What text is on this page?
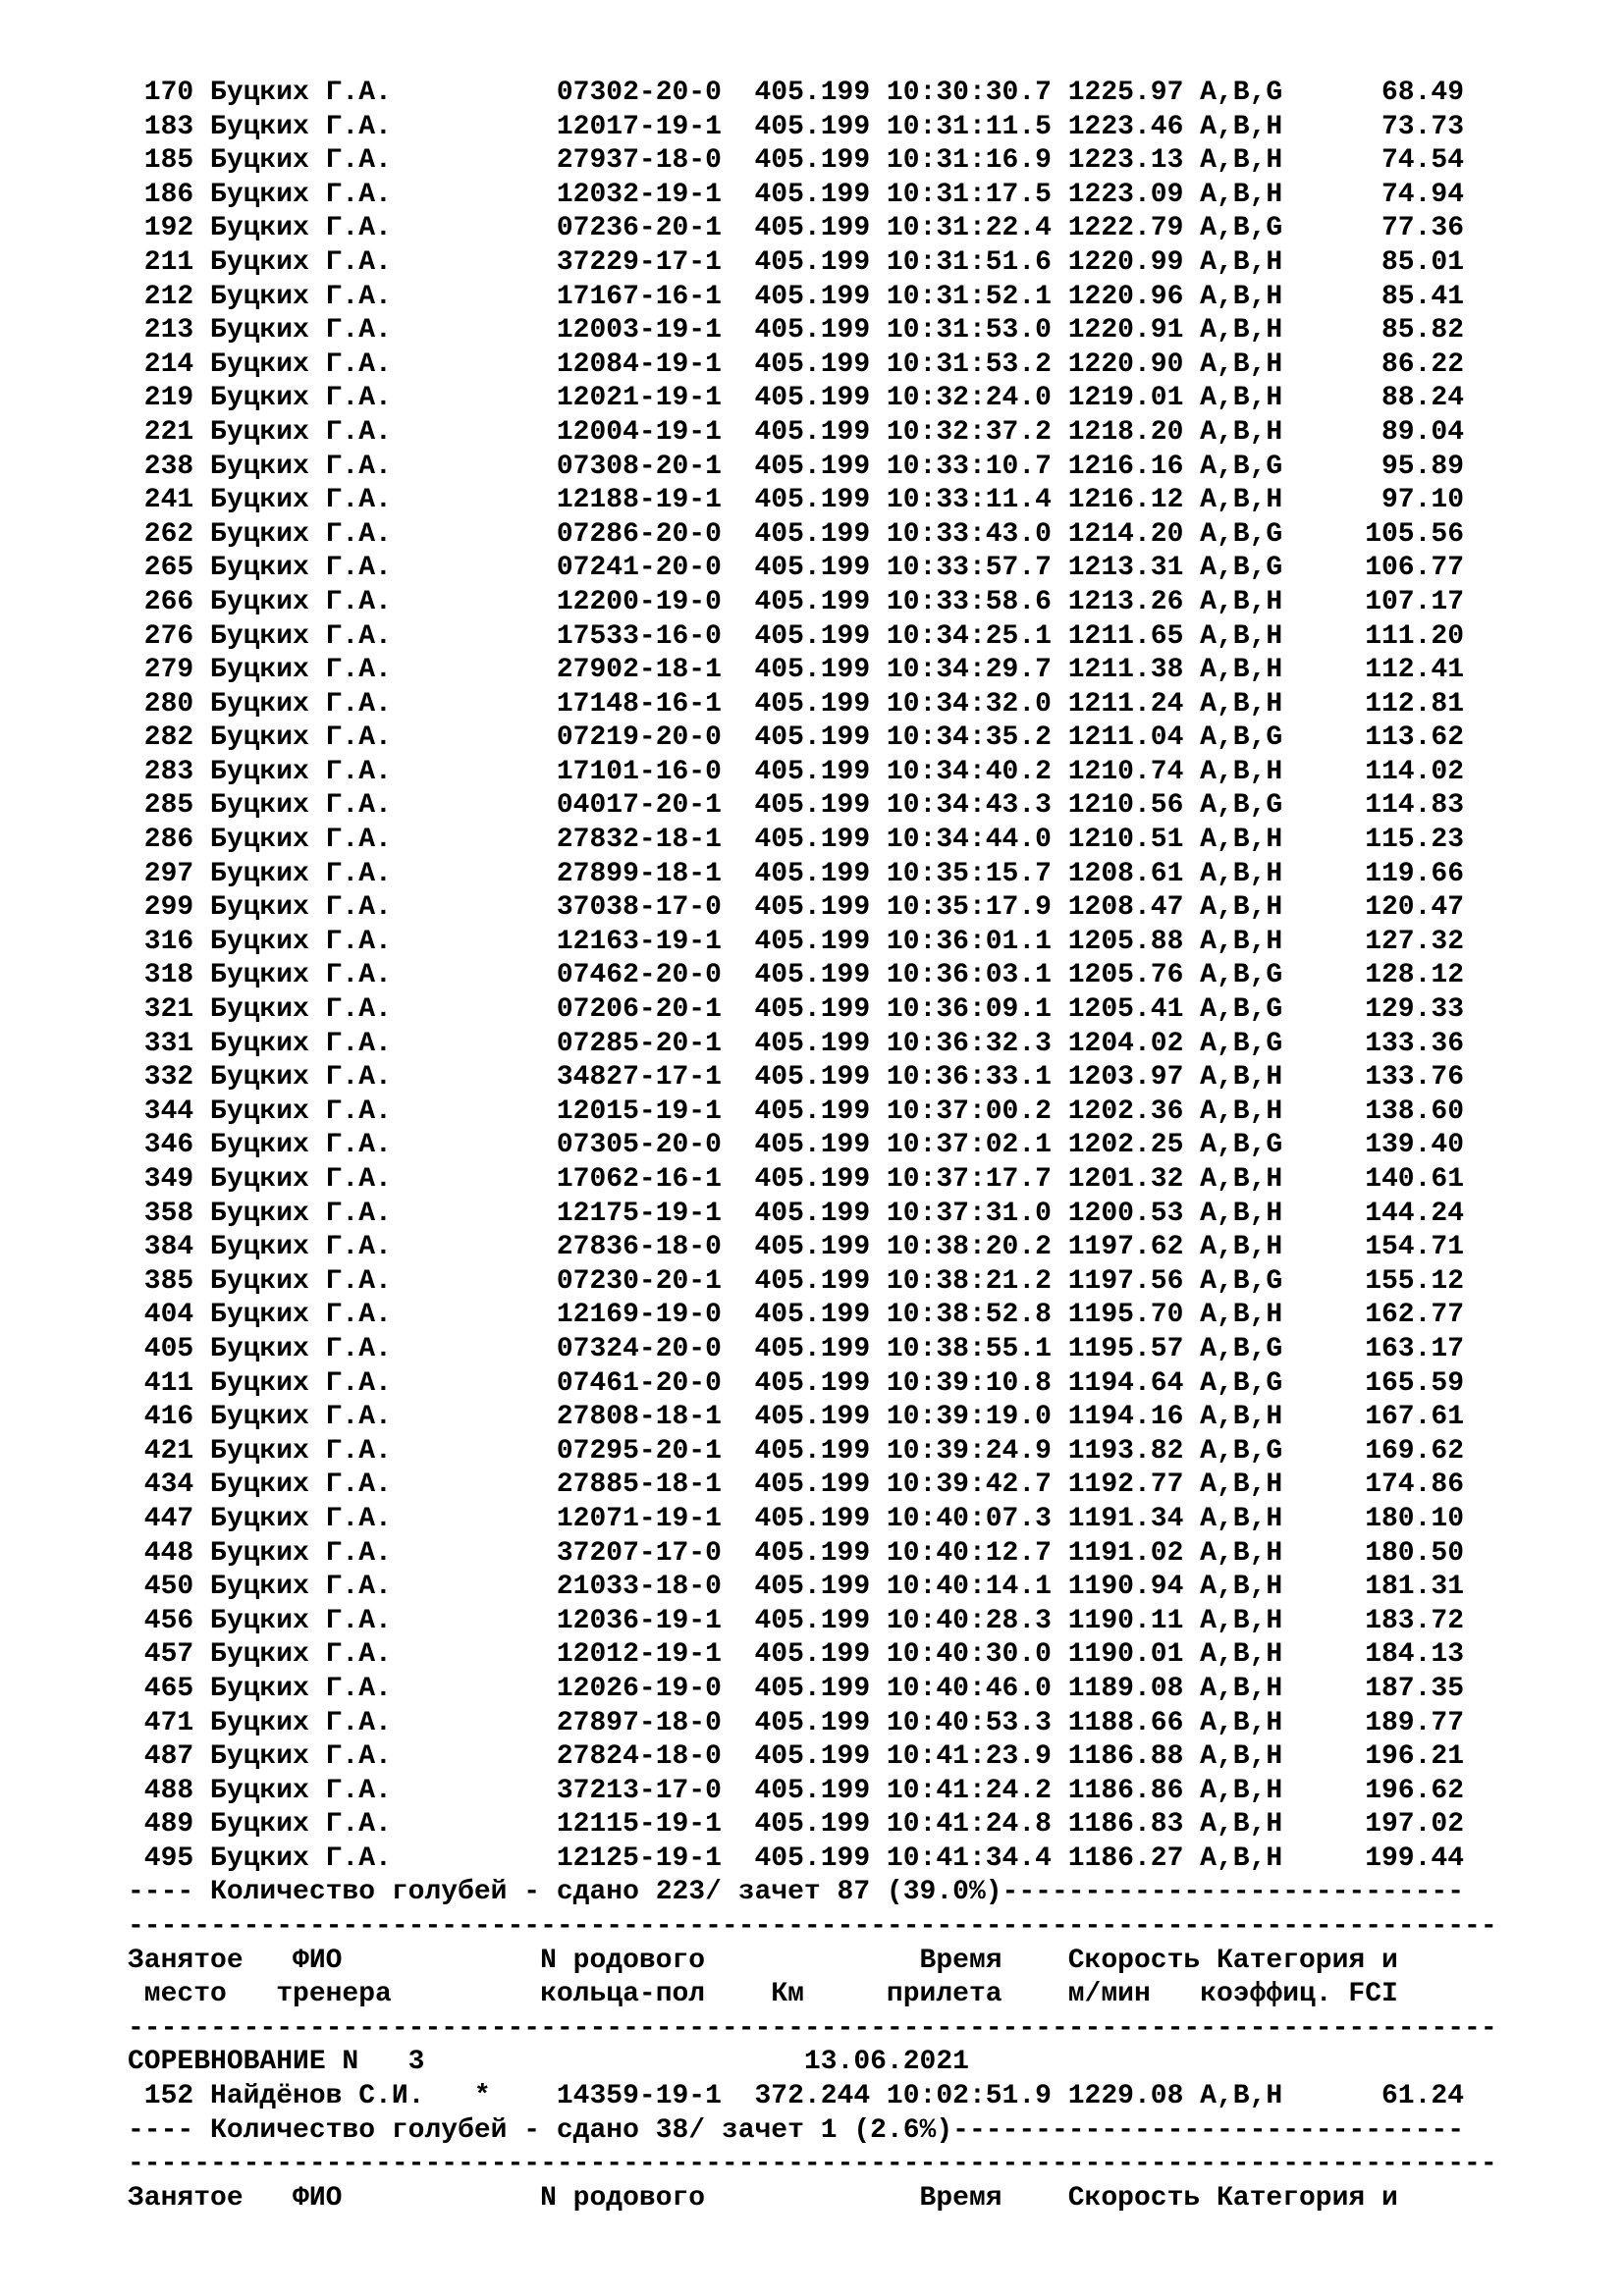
170 Буцких Г.А.          07302-20-0  405.199 10:30:30.7 1225.97 A,B,G      68.49
183 Буцких Г.А.          12017-19-1  405.199 10:31:11.5 1223.46 A,B,H      73.73
185 Буцких Г.А.          27937-18-0  405.199 10:31:16.9 1223.13 A,B,H      74.54
186 Буцких Г.А.          12032-19-1  405.199 10:31:17.5 1223.09 A,B,H      74.94
192 Буцких Г.А.          07236-20-1  405.199 10:31:22.4 1222.79 A,B,G      77.36
211 Буцких Г.А.          37229-17-1  405.199 10:31:51.6 1220.99 A,B,H      85.01
212 Буцких Г.А.          17167-16-1  405.199 10:31:52.1 1220.96 A,B,H      85.41
213 Буцких Г.А.          12003-19-1  405.199 10:31:53.0 1220.91 A,B,H      85.82
214 Буцких Г.А.          12084-19-1  405.199 10:31:53.2 1220.90 A,B,H      86.22
219 Буцких Г.А.          12021-19-1  405.199 10:32:24.0 1219.01 A,B,H      88.24
221 Буцких Г.А.          12004-19-1  405.199 10:32:37.2 1218.20 A,B,H      89.04
238 Буцких Г.А.          07308-20-1  405.199 10:33:10.7 1216.16 A,B,G      95.89
241 Буцких Г.А.          12188-19-1  405.199 10:33:11.4 1216.12 A,B,H      97.10
262 Буцких Г.А.          07286-20-0  405.199 10:33:43.0 1214.20 A,B,G     105.56
265 Буцких Г.А.          07241-20-0  405.199 10:33:57.7 1213.31 A,B,G     106.77
266 Буцких Г.А.          12200-19-0  405.199 10:33:58.6 1213.26 A,B,H     107.17
276 Буцких Г.А.          17533-16-0  405.199 10:34:25.1 1211.65 A,B,H     111.20
279 Буцких Г.А.          27902-18-1  405.199 10:34:29.7 1211.38 A,B,H     112.41
280 Буцких Г.А.          17148-16-1  405.199 10:34:32.0 1211.24 A,B,H     112.81
282 Буцких Г.А.          07219-20-0  405.199 10:34:35.2 1211.04 A,B,G     113.62
283 Буцких Г.А.          17101-16-0  405.199 10:34:40.2 1210.74 A,B,H     114.02
285 Буцких Г.А.          04017-20-1  405.199 10:34:43.3 1210.56 A,B,G     114.83
286 Буцких Г.А.          27832-18-1  405.199 10:34:44.0 1210.51 A,B,H     115.23
297 Буцких Г.А.          27899-18-1  405.199 10:35:15.7 1208.61 A,B,H     119.66
299 Буцких Г.А.          37038-17-0  405.199 10:35:17.9 1208.47 A,B,H     120.47
316 Буцких Г.А.          12163-19-1  405.199 10:36:01.1 1205.88 A,B,H     127.32
318 Буцких Г.А.          07462-20-0  405.199 10:36:03.1 1205.76 A,B,G     128.12
321 Буцких Г.А.          07206-20-1  405.199 10:36:09.1 1205.41 A,B,G     129.33
331 Буцких Г.А.          07285-20-1  405.199 10:36:32.3 1204.02 A,B,G     133.36
332 Буцких Г.А.          34827-17-1  405.199 10:36:33.1 1203.97 A,B,H     133.76
344 Буцких Г.А.          12015-19-1  405.199 10:37:00.2 1202.36 A,B,H     138.60
346 Буцких Г.А.          07305-20-0  405.199 10:37:02.1 1202.25 A,B,G     139.40
349 Буцких Г.А.          17062-16-1  405.199 10:37:17.7 1201.32 A,B,H     140.61
358 Буцких Г.А.          12175-19-1  405.199 10:37:31.0 1200.53 A,B,H     144.24
384 Буцких Г.А.          27836-18-0  405.199 10:38:20.2 1197.62 A,B,H     154.71
385 Буцких Г.А.          07230-20-1  405.199 10:38:21.2 1197.56 A,B,G     155.12
404 Буцких Г.А.          12169-19-0  405.199 10:38:52.8 1195.70 A,B,H     162.77
405 Буцких Г.А.          07324-20-0  405.199 10:38:55.1 1195.57 A,B,G     163.17
411 Буцких Г.А.          07461-20-0  405.199 10:39:10.8 1194.64 A,B,G     165.59
416 Буцких Г.А.          27808-18-1  405.199 10:39:19.0 1194.16 A,B,H     167.61
421 Буцких Г.А.          07295-20-1  405.199 10:39:24.9 1193.82 A,B,G     169.62
434 Буцких Г.А.          27885-18-1  405.199 10:39:42.7 1192.77 A,B,H     174.86
447 Буцких Г.А.          12071-19-1  405.199 10:40:07.3 1191.34 A,B,H     180.10
448 Буцких Г.А.          37207-17-0  405.199 10:40:12.7 1191.02 A,B,H     180.50
450 Буцких Г.А.          21033-18-0  405.199 10:40:14.1 1190.94 A,B,H     181.31
456 Буцких Г.А.          12036-19-1  405.199 10:40:28.3 1190.11 A,B,H     183.72
457 Буцких Г.А.          12012-19-1  405.199 10:40:30.0 1190.01 A,B,H     184.13
465 Буцких Г.А.          12026-19-0  405.199 10:40:46.0 1189.08 A,B,H     187.35
471 Буцких Г.А.          27897-18-0  405.199 10:40:53.3 1188.66 A,B,H     189.77
487 Буцких Г.А.          27824-18-0  405.199 10:41:23.9 1186.88 A,B,H     196.21
488 Буцких Г.А.          37213-17-0  405.199 10:41:24.2 1186.86 A,B,H     196.62
489 Буцких Г.А.          12115-19-1  405.199 10:41:24.8 1186.83 A,B,H     197.02
495 Буцких Г.А.          12125-19-1  405.199 10:41:34.4 1186.27 A,B,H     199.44
---- Количество голубей - сдано 223/ зачет 87 (39.0%)----------------------------
-----------------------------------------------------------------------------------
Занятое   ФИО            N родового             Время    Скорость Категория и
место   тренера         кольца-пол    Км     прилета    м/мин   коэффиц. FCI
-----------------------------------------------------------------------------------
СОРЕВНОВАНИЕ N   3                       13.06.2021
152 Найдёнов С.И.   *    14359-19-1  372.244 10:02:51.9 1229.08 A,B,H      61.24
---- Количество голубей - сдано 38/ зачет 1 (2.6%)-------------------------------
-----------------------------------------------------------------------------------
Занятое   ФИО            N родового             Время    Скорость Категория и
